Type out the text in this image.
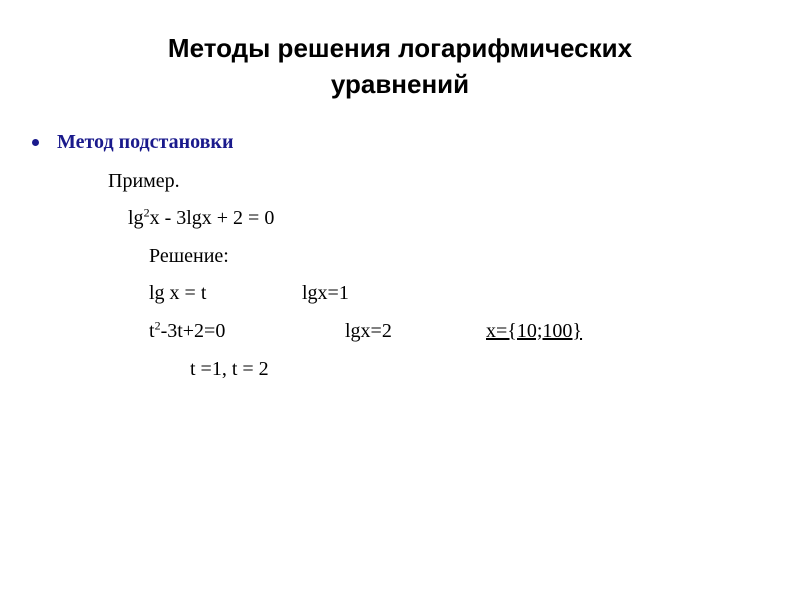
Методы решения логарифмических
уравнений
Метод подстановки
Пример.
$\lg^2x - 3\lg x + 2 = 0$
Решение:
lg x = t	lgx=1
$t^2-3t+2=0$	lgx=2	x={10;100}
t =1, t = 2
